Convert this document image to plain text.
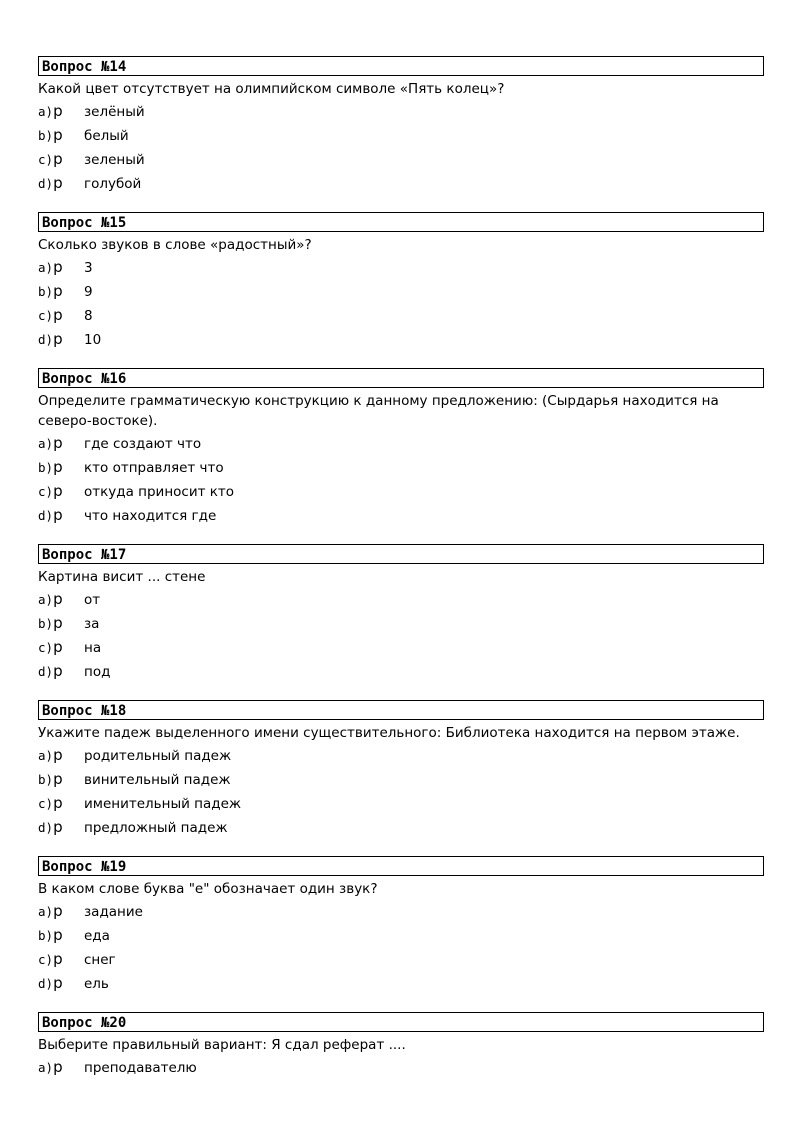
Вопрос №14
Какой цвет отсутствует на олимпийском символе «Пять колец»?
a)p	зелёный
b)p	белый
c)p	зеленый
d)p	голубой
Вопрос №15
Сколько звуков в слове «радостный»?
a)p	3
b)p	9
c)p	8
d)p	10
Вопрос №16
Определите грамматическую конструкцию к данному предложению: (Сырдарья находится на северо-востоке).
a)p	где создают что
b)p	кто отправляет что
c)p	откуда приносит кто
d)p	что находится где
Вопрос №17
Картина висит ... стене
a)p	от
b)p	за
c)p	на
d)p	под
Вопрос №18
Укажите падеж выделенного имени существительного: Библиотека находится на первом этаже.
a)p	родительный падеж
b)p	винительный падеж
c)p	именительный падеж
d)p	предложный падеж
Вопрос №19
В каком слове буква "е" обозначает один звук?
a)p	задание
b)p	еда
c)p	снег
d)p	ель
Вопрос №20
Выберите правильный вариант: Я сдал реферат ....
a)p	преподавателю
